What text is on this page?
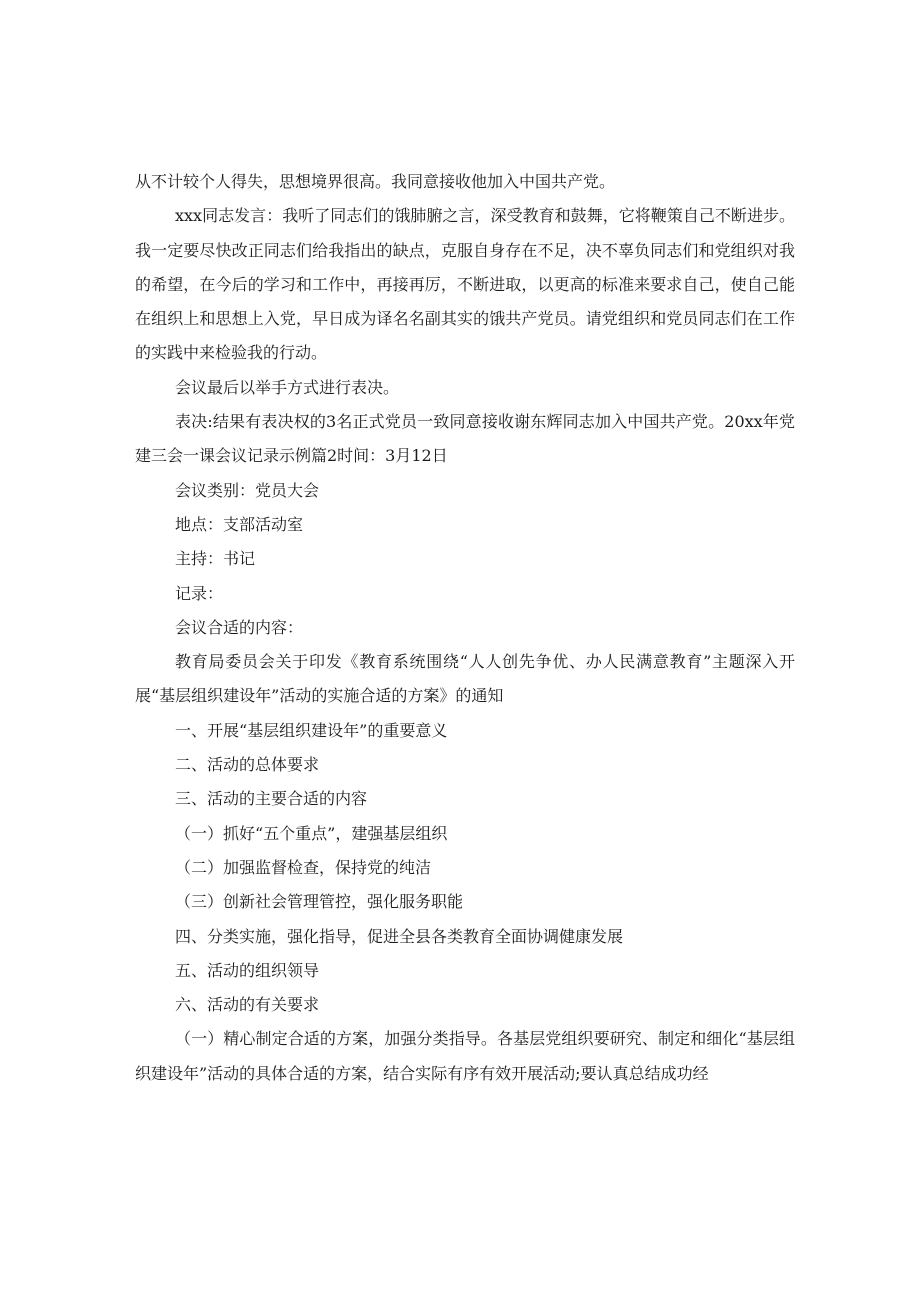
从不计较个人得失，思想境界很高。我同意接收他加入中国共产党。

xxx同志发言：我听了同志们的饿肺腑之言，深受教育和鼓舞，它将鞭策自己不断进步。我一定要尽快改正同志们给我指出的缺点，克服自身存在不足，决不辜负同志们和党组织对我的希望，在今后的学习和工作中，再接再厉，不断进取，以更高的标准来要求自己，使自己能在组织上和思想上入党，早日成为译名名副其实的饿共产党员。请党组织和党员同志们在工作的实践中来检验我的行动。

会议最后以举手方式进行表决。

表决:结果有表决权的3名正式党员一致同意接收谢东辉同志加入中国共产党。20xx年党建三会一课会议记录示例篇2时间：3月12日

会议类别：党员大会

地点：支部活动室

主持：书记

记录：

会议合适的内容：

教育局委员会关于印发《教育系统围绕“人人创先争优、办人民满意教育”主题深入开展“基层组织建设年”活动的实施合适的方案》的通知

一、开展“基层组织建设年”的重要意义

二、活动的总体要求

三、活动的主要合适的内容

（一）抓好“五个重点”，建强基层组织

（二）加强监督检查，保持党的纯洁

（三）创新社会管理管控，强化服务职能

四、分类实施，强化指导，促进全县各类教育全面协调健康发展

五、活动的组织领导

六、活动的有关要求

（一）精心制定合适的方案，加强分类指导。各基层党组织要研究、制定和细化“基层组织建设年”活动的具体合适的方案，结合实际有序有效开展活动;要认真总结成功经
